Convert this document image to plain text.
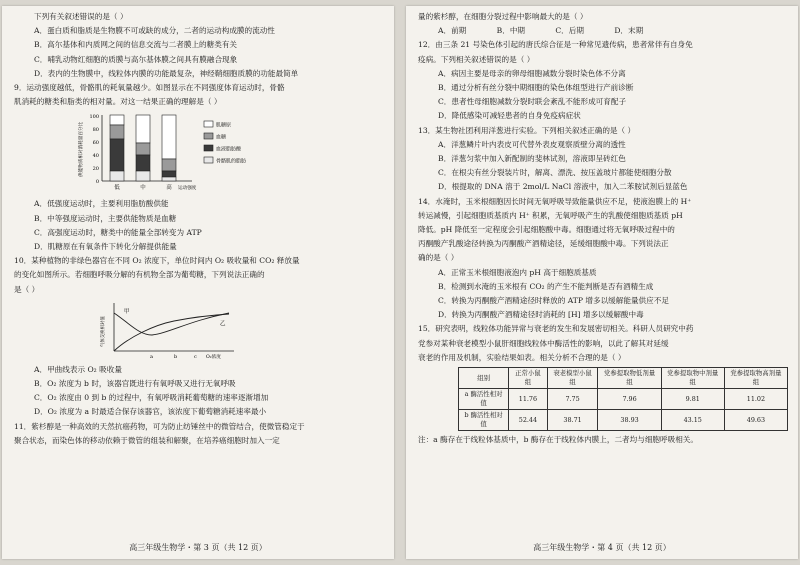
下列有关叙述错误的是（ ）

A．蛋白质和脂质是生物膜不可或缺的成分，二者的运动构成膜的流动性

B．高尔基体和内质网之间的信息交流与二者膜上的糖类有关

C．哺乳动物红细胞的质膜与高尔基体膜之间具有膜融合现象

D．表内的生物膜中，线粒体内膜的功能最复杂，神经鞘细胞质膜的功能最简单

9．运动强度越低，骨骼肌的耗氧量越少。如图显示在不同强度体育运动时，骨骼

肌消耗的糖类和脂类的相对量。对这一结果正确的理解是（ ）

100
80
60
40
20
0
供能物质相对消耗量百分比
低	中	高 运动强度
肌糖原
血糖
血液脂肪酸
骨骼肌的脂肪

A．低强度运动时，主要利用脂肪酸供能

B．中等强度运动时，主要供能物质是血糖

C．高强度运动时，糖类中的能量全部转变为 ATP

D．肌糖原在有氧条件下转化分解提供能量

10．某种植物的非绿色器官在不同 O₂ 浓度下，单位时间内 O₂ 吸收量和 CO₂ 释放量

的变化如图所示。若细胞呼吸分解的有机物全部为葡萄糖，下列说法正确的

是（ ）

气体交换相对值
甲
乙
a	b	c O₂浓度

A．甲曲线表示 O₂ 吸收量

B．O₂ 浓度为 b 时，该器官既进行有氧呼吸又进行无氧呼吸

C．O₂ 浓度由 0 到 b 的过程中，有氧呼吸消耗葡萄糖的速率逐渐增加

D．O₂ 浓度为 a 时最适合保存该器官，该浓度下葡萄糖消耗速率最小

11．紫杉醇是一种高效的天然抗癌药物，可为防止纺锤丝中的微管结合，使微管稳定于

聚合状态，而染色体的移动依赖于微管的组装和解聚，在培养癌细胞时加入一定

高三年级生物学・第 3 页（共 12 页）

量的紫杉醇，在细胞分裂过程中影响最大的是（ ）

A．前期　　　　B．中期　　　　C．后期　　　　D．末期

12．由三条 21 号染色体引起的唐氏综合征是一种常见遗传病，患者常伴有自身免

疫病。下列相关叙述错误的是（ ）

A．病因主要是母亲的卵母细胞减数分裂时染色体不分离

B．通过分析有丝分裂中期细胞的染色体组型进行产前诊断

C．患者性母细胞减数分裂时联会紊乱不能形成可育配子

D．降低感染可减轻患者的自身免疫病症状

13．某生物社团利用洋葱进行实验。下列相关叙述正确的是（ ）

A．洋葱鳞片叶内表皮可代替外表皮观察质壁分离的透性

B．洋葱匀浆中加入新配制的斐林试剂，溶液即呈砖红色

C．在根尖有丝分裂装片时，解离、漂洗、按压盖玻片都能使细胞分散

D．根提取的 DNA 溶于 2mol/L NaCl 溶液中，加入二苯胺试剂后显蓝色

14．水淹时，玉米根细胞因长时间无氧呼吸导致能量供应不足，使液泡膜上的 H⁺

转运减慢，引起细胞质基质内 H⁺ 积累，无氧呼吸产生的乳酸使细胞质基质 pH

降低。pH 降低至一定程度会引起细胞酸中毒。细胞通过将无氧呼吸过程中的

丙酮酸产乳酸途径转换为丙酮酸产酒精途径，延缓细胞酸中毒。下列说法正

确的是（ ）

A．正常玉米根细胞液泡内 pH 高于细胞质基质

B．检测到水淹的玉米根有 CO₂ 的产生不能判断是否有酒精生成

C．转换为丙酮酸产酒精途径时释放的 ATP 增多以缓解能量供应不足

D．转换为丙酮酸产酒精途径时消耗的 [H] 增多以缓解酸中毒

15．研究表明，线粒体功能异常与衰老的发生和发展密切相关。科研人员研究中药

党参对某种衰老模型小鼠肝细胞线粒体中酶活性的影响，以此了解其对延缓

衰老的作用及机制，实验结果如表。相关分析不合理的是（ ）

组别	正常小鼠组	衰老模型小鼠组	党参提取物低剂量组	党参提取物中剂量组	党参提取物高剂量组
a 酶活性相对值	11.76	7.75	7.96	9.81	11.02
b 酶活性相对值	52.44	38.71	38.93	43.15	49.63

注：a 酶存在于线粒体基质中，b 酶存在于线粒体内膜上，二者均与细胞呼吸相关。

高三年级生物学・第 4 页（共 12 页）
